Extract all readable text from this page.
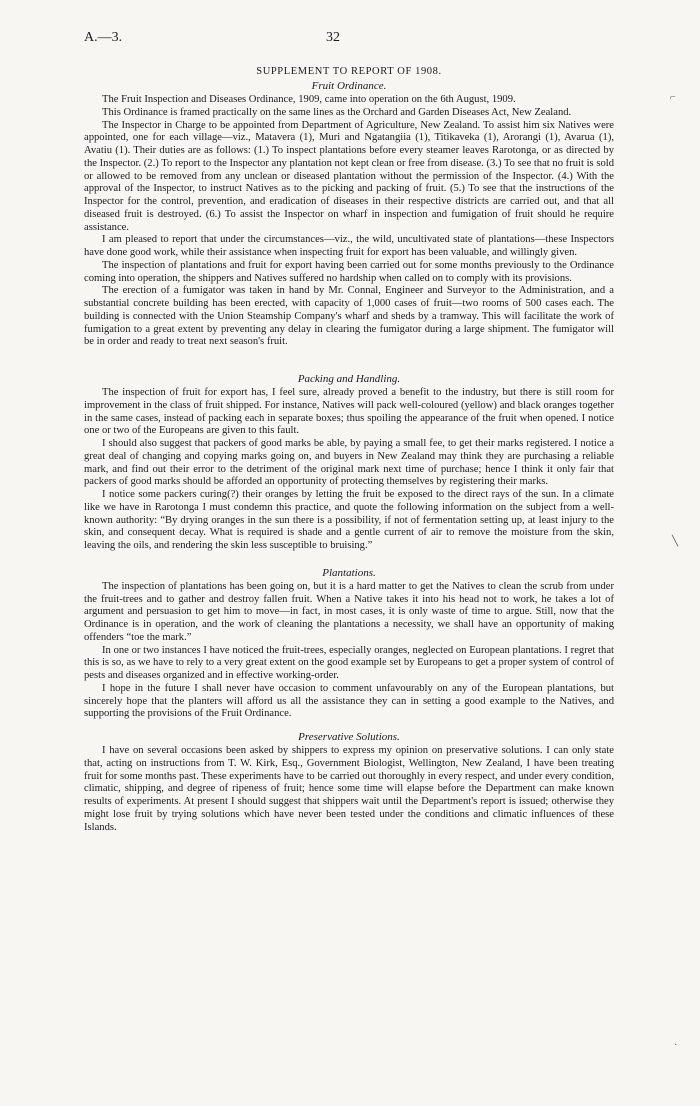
A.—3.	32
SUPPLEMENT TO REPORT OF 1908.
Fruit Ordinance.

The Fruit Inspection and Diseases Ordinance, 1909, came into operation on the 6th August, 1909.

This Ordinance is framed practically on the same lines as the Orchard and Garden Diseases Act, New Zealand.

The Inspector in Charge to be appointed from Department of Agriculture, New Zealand. To assist him six Natives were appointed, one for each village—viz., Matavera (1), Muri and Ngatangiia (1), Titikaveka (1), Arorangi (1), Avarua (1), Avatiu (1). Their duties are as follows: (1.) To inspect plantations before every steamer leaves Rarotonga, or as directed by the Inspector. (2.) To report to the Inspector any plantation not kept clean or free from disease. (3.) To see that no fruit is sold or allowed to be removed from any unclean or diseased plantation without the permission of the Inspector. (4.) With the approval of the Inspector, to instruct Natives as to the picking and packing of fruit. (5.) To see that the instructions of the Inspector for the control, prevention, and eradication of diseases in their respective districts are carried out, and that all diseased fruit is destroyed. (6.) To assist the Inspector on wharf in inspection and fumigation of fruit should he require assistance.

I am pleased to report that under the circumstances—viz., the wild, uncultivated state of plantations—these Inspectors have done good work, while their assistance when inspecting fruit for export has been valuable, and willingly given.

The inspection of plantations and fruit for export having been carried out for some months previously to the Ordinance coming into operation, the shippers and Natives suffered no hardship when called on to comply with its provisions.

The erection of a fumigator was taken in hand by Mr. Connal, Engineer and Surveyor to the Administration, and a substantial concrete building has been erected, with capacity of 1,000 cases of fruit—two rooms of 500 cases each. The building is connected with the Union Steamship Company's wharf and sheds by a tramway. This will facilitate the work of fumigation to a great extent by preventing any delay in clearing the fumigator during a large shipment. The fumigator will be in order and ready to treat next season's fruit.

Packing and Handling.

The inspection of fruit for export has, I feel sure, already proved a benefit to the industry, but there is still room for improvement in the class of fruit shipped. For instance, Natives will pack well-coloured (yellow) and black oranges together in the same cases, instead of packing each in separate boxes; thus spoiling the appearance of the fruit when opened. I notice one or two of the Europeans are given to this fault.

I should also suggest that packers of good marks be able, by paying a small fee, to get their marks registered. I notice a great deal of changing and copying marks going on, and buyers in New Zealand may think they are purchasing a reliable mark, and find out their error to the detriment of the original mark next time of purchase; hence I think it only fair that packers of good marks should be afforded an opportunity of protecting themselves by registering their marks.

I notice some packers curing(?) their oranges by letting the fruit be exposed to the direct rays of the sun. In a climate like we have in Rarotonga I must condemn this practice, and quote the following information on the subject from a well-known authority: “By drying oranges in the sun there is a possibility, if not of fermentation setting up, at least injury to the skin, and consequent decay. What is required is shade and a gentle current of air to remove the moisture from the skin, leaving the oils, and rendering the skin less susceptible to bruising.”

Plantations.

The inspection of plantations has been going on, but it is a hard matter to get the Natives to clean the scrub from under the fruit-trees and to gather and destroy fallen fruit. When a Native takes it into his head not to work, he takes a lot of argument and persuasion to get him to move—in fact, in most cases, it is only waste of time to argue. Still, now that the Ordinance is in operation, and the work of cleaning the plantations a necessity, we shall have an opportunity of making offenders “toe the mark.”

In one or two instances I have noticed the fruit-trees, especially oranges, neglected on European plantations. I regret that this is so, as we have to rely to a very great extent on the good example set by Europeans to get a proper system of control of pests and diseases organized and in effective working-order.

I hope in the future I shall never have occasion to comment unfavourably on any of the European plantations, but sincerely hope that the planters will afford us all the assistance they can in setting a good example to the Natives, and supporting the provisions of the Fruit Ordinance.

Preservative Solutions.

I have on several occasions been asked by shippers to express my opinion on preservative solutions. I can only state that, acting on instructions from T. W. Kirk, Esq., Government Biologist, Wellington, New Zealand, I have been treating fruit for some months past. These experiments have to be carried out thoroughly in every respect, and under every condition, climatic, shipping, and degree of ripeness of fruit; hence some time will elapse before the Department can make known results of experiments. At present I should suggest that shippers wait until the Department's report is issued; otherwise they might lose fruit by trying solutions which have never been tested under the conditions and climatic influences of these Islands.

⌐
╲
·
